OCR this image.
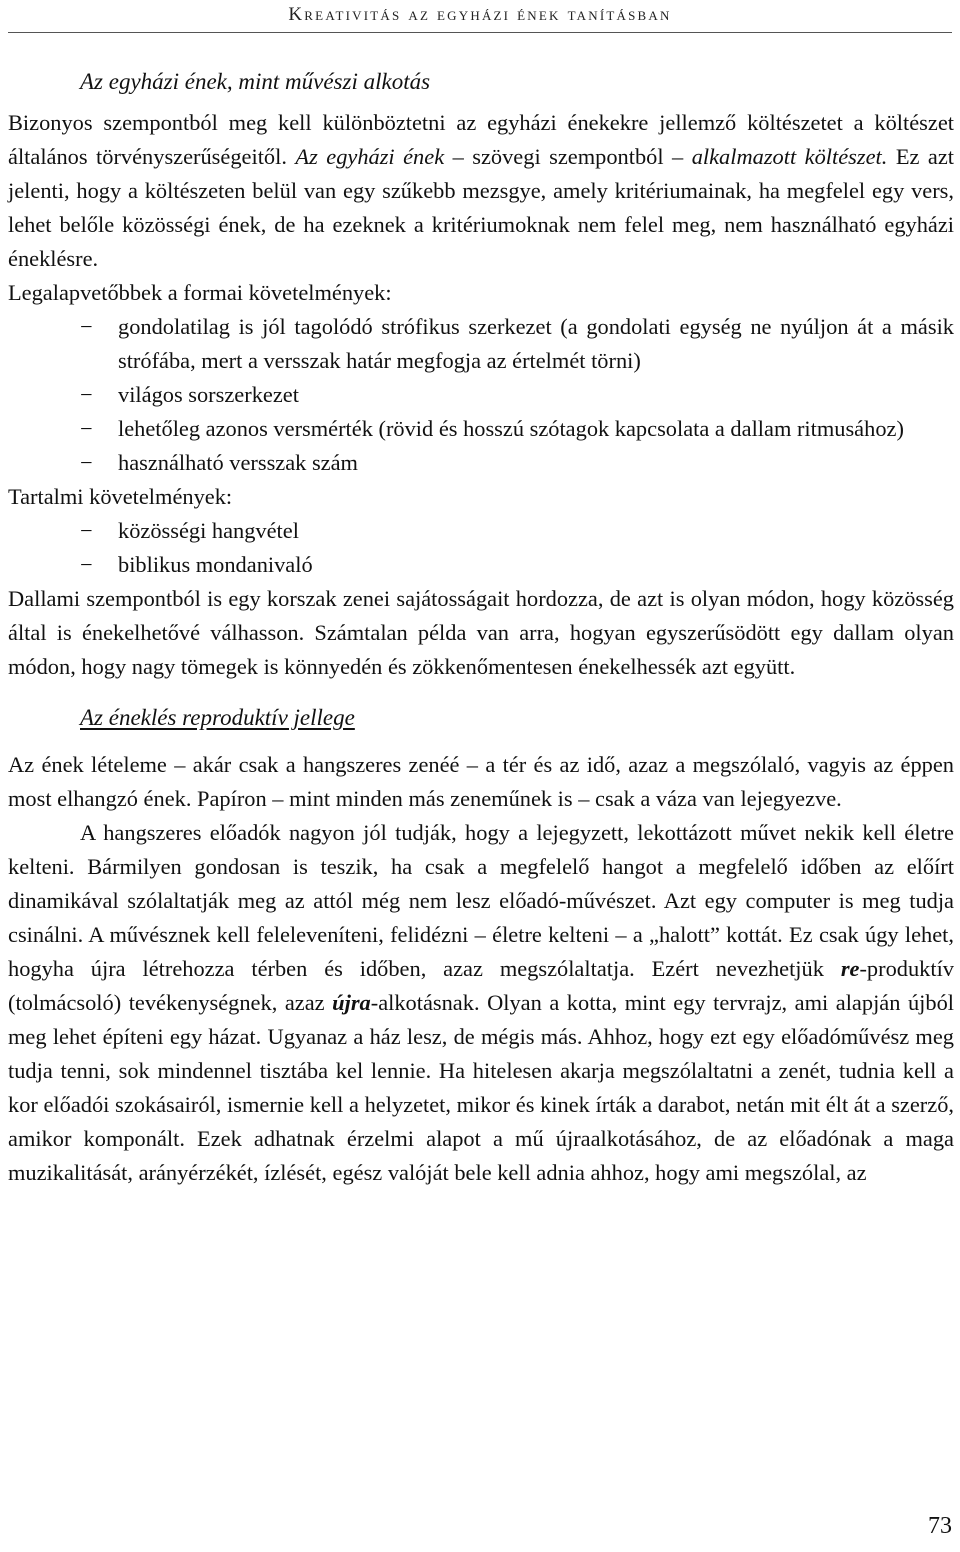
Kreativitás az egyházi ének tanításban
Az egyházi ének, mint művészi alkotás

Bizonyos szempontból meg kell különböztetni az egyházi énekekre jellemző költészetet a költészet általános törvényszerűségeitől. Az egyházi ének – szövegi szempontból – alkalmazott költészet. Ez azt jelenti, hogy a költészeten belül van egy szűkebb mezsgye, amely kritériumainak, ha megfelel egy vers, lehet belőle közösségi ének, de ha ezeknek a kritériumoknak nem felel meg, nem használható egyházi éneklésre.

Legalapvetőbbek a formai követelmények:

− gondolatilag is jól tagolódó strófikus szerkezet (a gondolati egység ne nyúljon át a másik strófába, mert a versszak határ megfogja az értelmét törni)
− világos sorszerkezet
− lehetőleg azonos versmérték (rövid és hosszú szótagok kapcsolata a dallam ritmusához)
− használható versszak szám

Tartalmi követelmények:

− közösségi hangvétel
− biblikus mondanivaló

Dallami szempontból is egy korszak zenei sajátosságait hordozza, de azt is olyan módon, hogy közösség által is énekelhetővé válhasson. Számtalan példa van arra, hogyan egyszerűsödött egy dallam olyan módon, hogy nagy tömegek is könnyedén és zökkenőmentesen énekelhessék azt együtt.

Az éneklés reproduktív jellege

Az ének lételeme – akár csak a hangszeres zenéé – a tér és az idő, azaz a megszólaló, vagyis az éppen most elhangzó ének. Papíron – mint minden más zeneműnek is – csak a váza van lejegyezve.

A hangszeres előadók nagyon jól tudják, hogy a lejegyzett, lekottázott művet nekik kell életre kelteni. Bármilyen gondosan is teszik, ha csak a megfelelő hangot a megfelelő időben az előírt dinamikával szólaltatják meg az attól még nem lesz előadó-művészet. Azt egy computer is meg tudja csinálni. A művésznek kell feleleveníteni, felidézni – életre kelteni – a „halott” kottát. Ez csak úgy lehet, hogyha újra létrehozza térben és időben, azaz megszólaltatja. Ezért nevezhetjük re-produktív (tolmácsoló) tevékenységnek, azaz újra-alkotásnak. Olyan a kotta, mint egy tervrajz, ami alapján újból meg lehet építeni egy házat. Ugyanaz a ház lesz, de mégis más. Ahhoz, hogy ezt egy előadóművész meg tudja tenni, sok mindennel tisztába kel lennie. Ha hitelesen akarja megszólaltatni a zenét, tudnia kell a kor előadói szokásairól, ismernie kell a helyzetet, mikor és kinek írták a darabot, netán mit élt át a szerző, amikor komponált. Ezek adhatnak érzelmi alapot a mű újraalkotásához, de az előadónak a maga muzikalitását, arányérzékét, ízlését, egész valóját bele kell adnia ahhoz, hogy ami megszólal, az

73
